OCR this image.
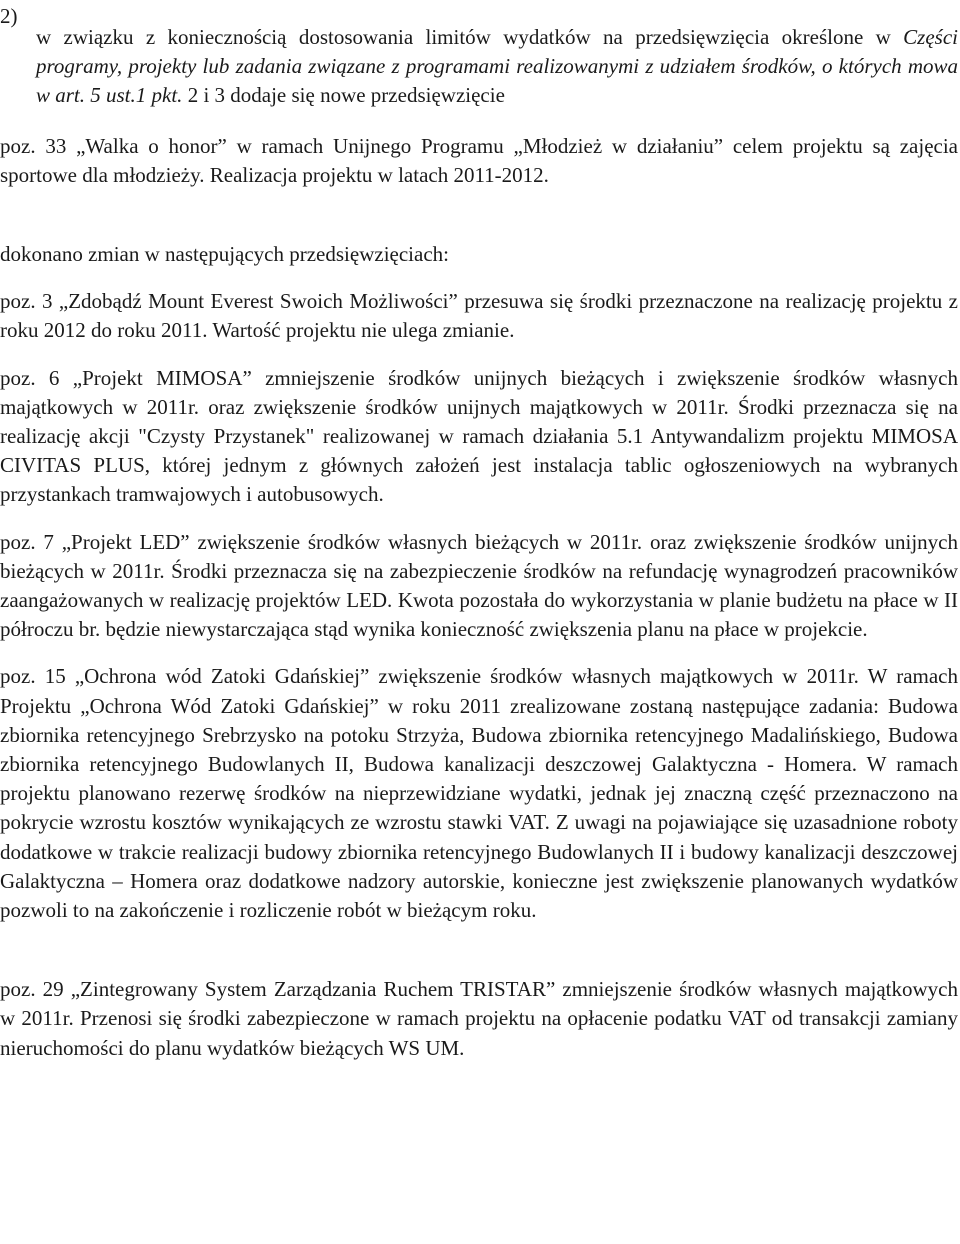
2)

w związku z koniecznością dostosowania limitów wydatków na przedsięwzięcia określone w Części programy, projekty lub zadania związane z programami realizowanymi z udziałem środków, o których mowa w art. 5 ust.1 pkt. 2 i 3 dodaje się nowe przedsięwzięcie

poz. 33 „Walka o honor” w ramach Unijnego Programu „Młodzież w działaniu” celem projektu są zajęcia sportowe dla młodzieży. Realizacja projektu w latach 2011-2012.

dokonano zmian w następujących przedsięwzięciach:

poz. 3 „Zdobądź Mount Everest Swoich Możliwości” przesuwa się środki przeznaczone na realizację projektu z roku 2012 do roku 2011. Wartość projektu nie ulega zmianie.

poz. 6 „Projekt MIMOSA” zmniejszenie środków unijnych bieżących i zwiększenie środków własnych majątkowych w 2011r. oraz zwiększenie środków unijnych majątkowych w 2011r. Środki przeznacza się na realizację akcji "Czysty Przystanek" realizowanej w ramach działania 5.1 Antywandalizm projektu MIMOSA CIVITAS PLUS, której jednym z głównych założeń jest instalacja tablic ogłoszeniowych na wybranych przystankach tramwajowych i autobusowych.

poz. 7 „Projekt LED” zwiększenie środków własnych bieżących w 2011r. oraz zwiększenie środków unijnych bieżących w 2011r. Środki przeznacza się na zabezpieczenie środków na refundację wynagrodzeń pracowników zaangażowanych w realizację projektów LED. Kwota pozostała do wykorzystania w planie budżetu na płace w II półroczu br. będzie niewystarczająca stąd wynika konieczność zwiększenia planu na płace w projekcie.

poz. 15 „Ochrona wód Zatoki Gdańskiej” zwiększenie środków własnych majątkowych w 2011r. W ramach Projektu „Ochrona Wód Zatoki Gdańskiej” w roku 2011 zrealizowane zostaną następujące zadania: Budowa zbiornika retencyjnego Srebrzysko na potoku Strzyża, Budowa zbiornika retencyjnego Madalińskiego, Budowa zbiornika retencyjnego Budowlanych II, Budowa kanalizacji deszczowej Galaktyczna - Homera. W ramach projektu planowano rezerwę środków na nieprzewidziane wydatki, jednak jej znaczną część przeznaczono na pokrycie wzrostu kosztów wynikających ze wzrostu stawki VAT. Z uwagi na pojawiające się uzasadnione roboty dodatkowe w trakcie realizacji budowy zbiornika retencyjnego Budowlanych II i budowy kanalizacji deszczowej Galaktyczna – Homera oraz dodatkowe nadzory autorskie, konieczne jest zwiększenie planowanych wydatków pozwoli to na zakończenie i rozliczenie robót w bieżącym roku.

poz. 29 „Zintegrowany System Zarządzania Ruchem TRISTAR” zmniejszenie środków własnych majątkowych w 2011r. Przenosi się środki zabezpieczone w ramach projektu na opłacenie podatku VAT od transakcji zamiany nieruchomości do planu wydatków bieżących WS UM.
